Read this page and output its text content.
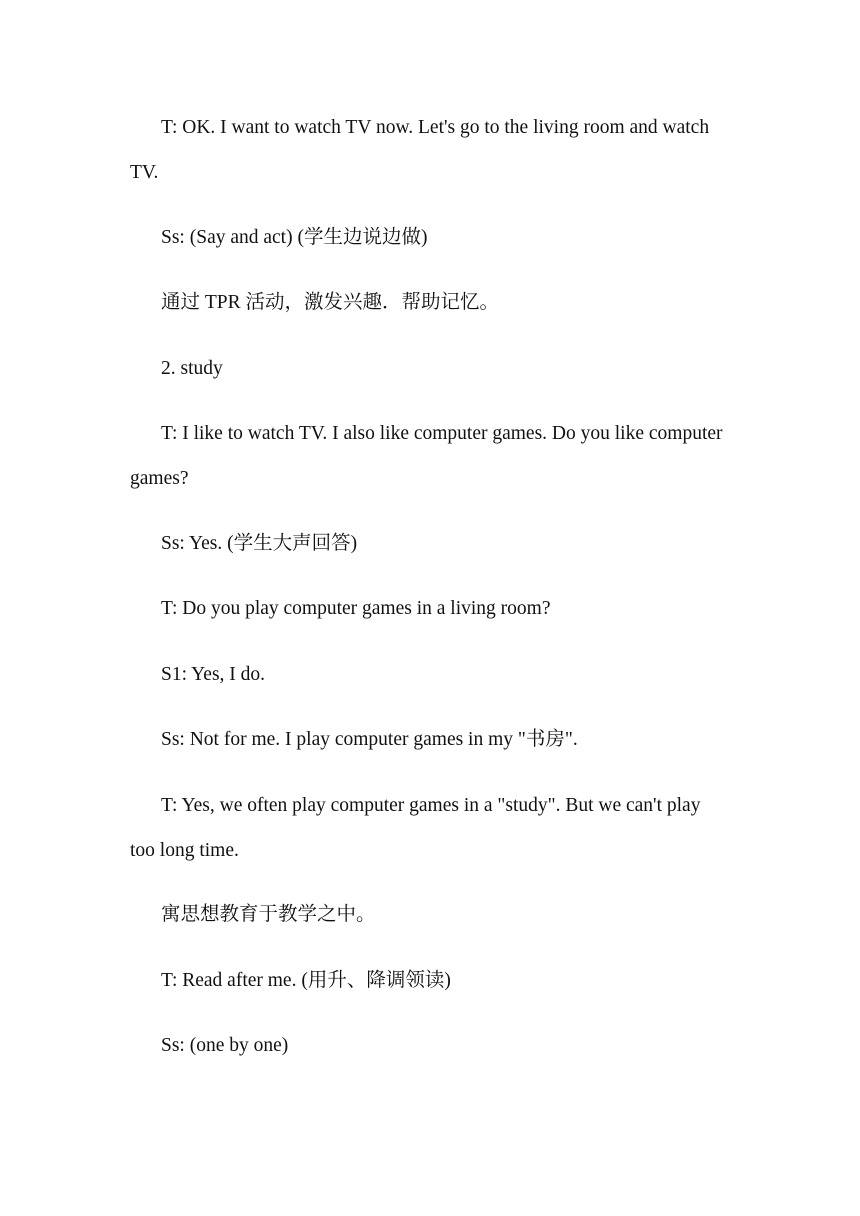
T: OK. I want to watch TV now. Let's go to the living room and watch TV.

Ss: (Say and act) (学生边说边做)

通过 TPR 活动，激发兴趣．帮助记忆。

2. study

T: I like to watch TV. I also like computer games. Do you like computer games?

Ss: Yes. (学生大声回答)

T: Do you play computer games in a living room?

S1: Yes, I do.

Ss: Not for me. I play computer games in my "书房".

T: Yes, we often play computer games in a "study". But we can't play too long time.

寓思想教育于教学之中。

T: Read after me. (用升、降调领读)

Ss: (one by one)
